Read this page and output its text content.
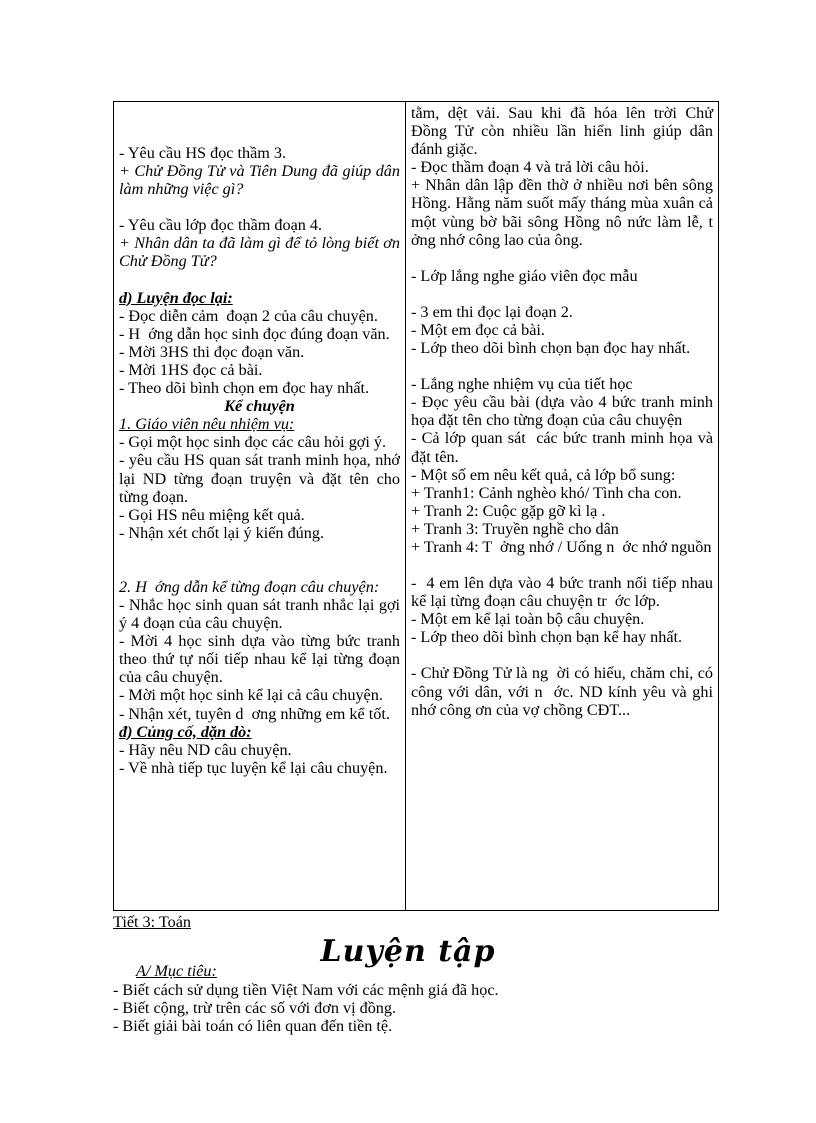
- Yêu cầu HS đọc thầm 3.
+ Chử Đồng Tử và Tiên Dung đã giúp dân làm những việc gì?
- Yêu cầu lớp đọc thầm đoạn 4.
+ Nhân dân ta đã làm gì để tỏ lòng biết ơn Chử Đồng Tử?
d) Luyện đọc lại:
- Đọc diễn cảm  đoạn 2 của câu chuyện.
- H  ớng dẫn học sinh đọc đúng đoạn văn.
- Mời 3HS thi đọc đoạn văn.
- Mời 1HS đọc cả bài.
- Theo dõi bình chọn em đọc hay nhất.
Kể chuyện
1. Giáo viên nêu nhiệm vụ:
- Gọi một học sinh đọc các câu hỏi gợi ý.
- yêu cầu HS quan sát tranh minh họa, nhớ lại ND từng đoạn truyện và đặt tên cho từng đoạn.
- Gọi HS nêu miệng kết quả.
- Nhận xét chốt lại ý kiến đúng.
2. H  ớng dẫn kể từng đoạn câu chuyện:
- Nhắc học sinh quan sát tranh nhắc lại gợi ý 4 đoạn của câu chuyện.
- Mời 4 học sinh dựa vào từng bức tranh theo thứ tự nối tiếp nhau kể lại từng đoạn của câu chuyện.
- Mời một học sinh kể lại cả câu chuyện.
- Nhận xét, tuyên d  ơng những em kể tốt.
đ) Củng cố, dặn dò:
- Hãy nêu ND câu chuyện.
- Về nhà tiếp tục luyện kể lại câu chuyện.
tằm, dệt vải. Sau khi đã hóa lên trời Chử Đồng Tử còn nhiều lần hiển linh giúp dân đánh giặc.
- Đọc thầm đoạn 4 và trả lời câu hỏi.
+ Nhân dân lập đền thờ ở nhiều nơi bên sông Hồng. Hằng năm suốt mấy tháng mùa xuân cả một vùng bờ bãi sông Hồng nô nức làm lễ, t  ởng nhớ công lao của ông.
- Lớp lắng nghe giáo viên đọc mẫu
- 3 em thi đọc lại đoạn 2.
- Một em đọc cả bài.
- Lớp theo dõi bình chọn bạn đọc hay nhất.
- Lắng nghe nhiệm vụ của tiết học
- Đọc yêu cầu bài (dựa vào 4 bức tranh minh họa đặt tên cho từng đoạn của câu chuyện
- Cả lớp quan sát  các bức tranh minh họa và đặt tên.
- Một số em nêu kết quả, cả lớp bổ sung:
+ Tranh1: Cảnh nghèo khó/ Tình cha con.
+ Tranh 2: Cuộc gặp gỡ kì lạ .
+ Tranh 3: Truyền nghề cho dân
+ Tranh 4: T  ởng nhớ / Uống n  ớc nhớ nguồn
-  4 em lên dựa vào 4 bức tranh nối tiếp nhau kể lại từng đoạn câu chuyện tr  ớc lớp.
- Một em kể lại toàn bộ câu chuyện.
- Lớp theo dõi bình chọn bạn kể hay nhất.
- Chử Đồng Tử là ng  ời có hiếu, chăm chỉ, có công với dân, với n  ớc. ND kính yêu và ghi nhớ công ơn của vợ chồng CĐT...
Tiết 3: Toán
Luyện tập
A/ Mục tiêu:
- Biết cách sử dụng tiền Việt Nam với các mệnh giá đã học.
- Biết cộng, trừ trên các số với đơn vị đồng.
- Biết giải bài toán có liên quan đến tiền tệ.
